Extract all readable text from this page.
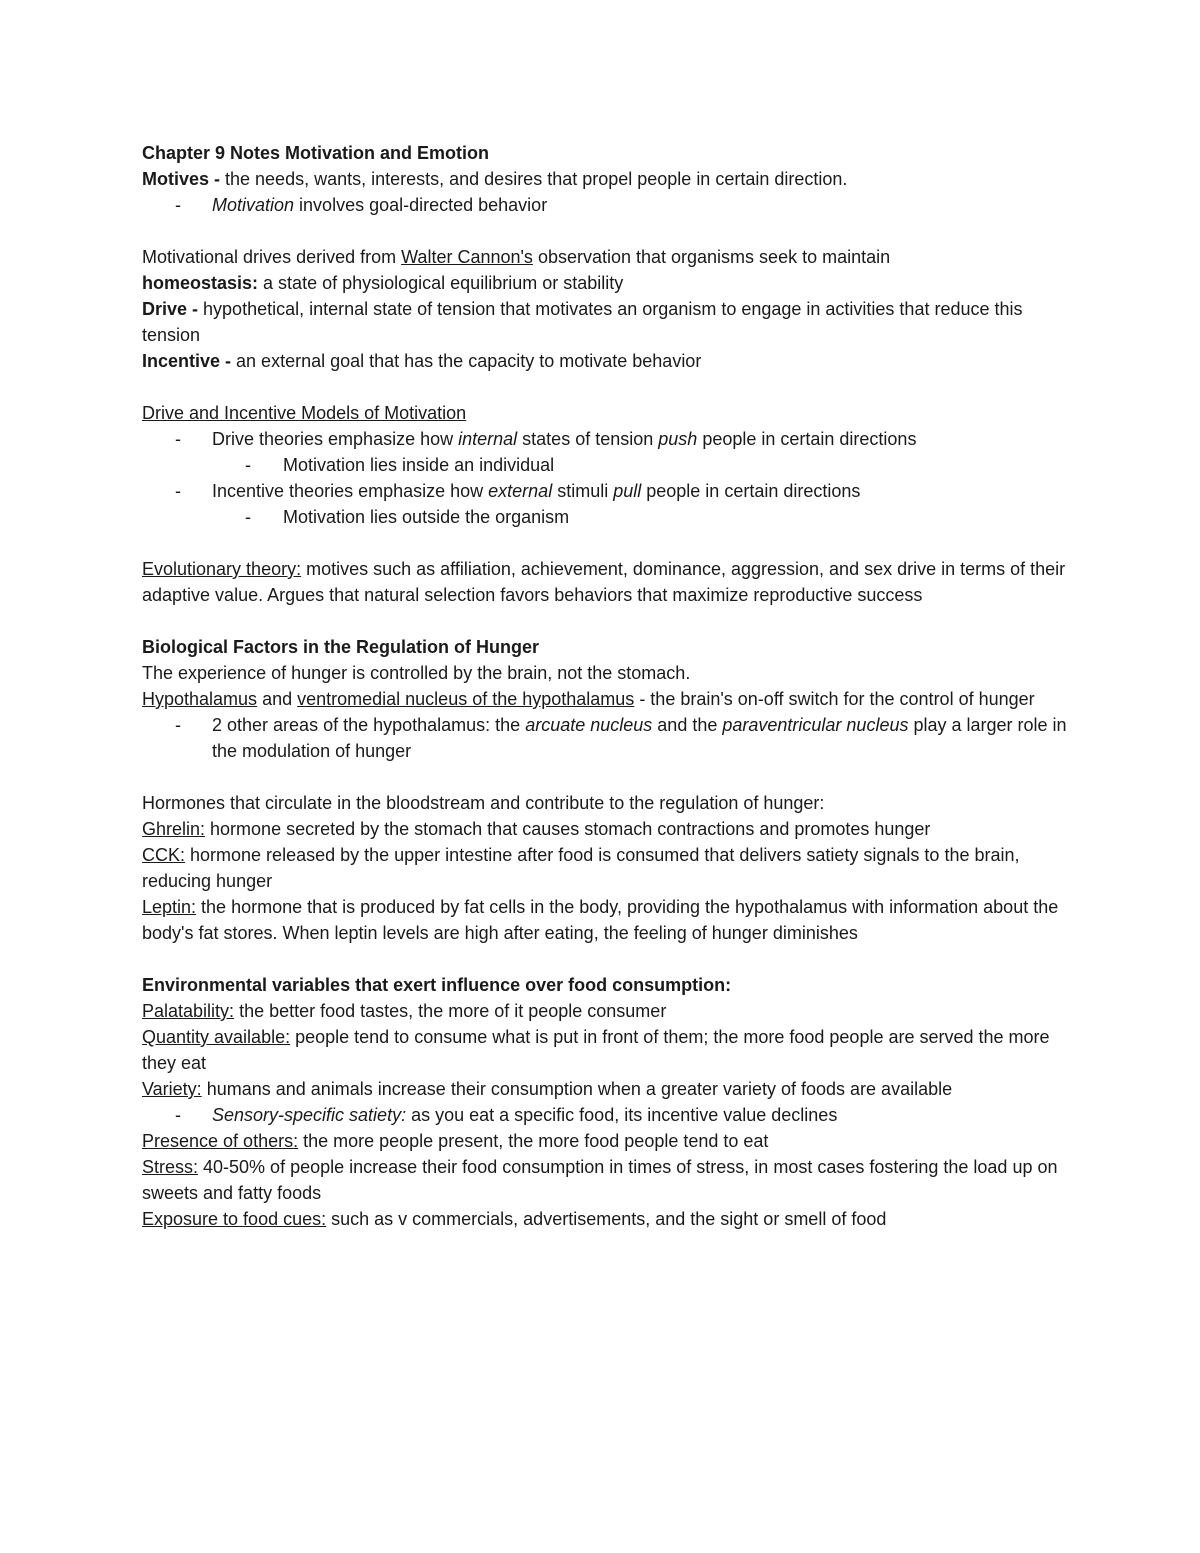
Chapter 9 Notes Motivation and Emotion
Motives - the needs, wants, interests, and desires that propel people in certain direction.
- Motivation involves goal-directed behavior
Motivational drives derived from Walter Cannon's observation that organisms seek to maintain
homeostasis: a state of physiological equilibrium or stability
Drive - hypothetical, internal state of tension that motivates an organism to engage in activities that reduce this tension
Incentive - an external goal that has the capacity to motivate behavior
Drive and Incentive Models of Motivation
- Drive theories emphasize how internal states of tension push people in certain directions
- Motivation lies inside an individual
- Incentive theories emphasize how external stimuli pull people in certain directions
- Motivation lies outside the organism
Evolutionary theory: motives such as affiliation, achievement, dominance, aggression, and sex drive in terms of their adaptive value. Argues that natural selection favors behaviors that maximize reproductive success
Biological Factors in the Regulation of Hunger
The experience of hunger is controlled by the brain, not the stomach.
Hypothalamus and ventromedial nucleus of the hypothalamus - the brain's on-off switch for the control of hunger
- 2 other areas of the hypothalamus: the arcuate nucleus and the paraventricular nucleus play a larger role in the modulation of hunger
Hormones that circulate in the bloodstream and contribute to the regulation of hunger:
Ghrelin: hormone secreted by the stomach that causes stomach contractions and promotes hunger
CCK: hormone released by the upper intestine after food is consumed that delivers satiety signals to the brain, reducing hunger
Leptin: the hormone that is produced by fat cells in the body, providing the hypothalamus with information about the body's fat stores. When leptin levels are high after eating, the feeling of hunger diminishes
Environmental variables that exert influence over food consumption:
Palatability: the better food tastes, the more of it people consumer
Quantity available: people tend to consume what is put in front of them; the more food people are served the more they eat
Variety: humans and animals increase their consumption when a greater variety of foods are available
- Sensory-specific satiety: as you eat a specific food, its incentive value declines
Presence of others: the more people present, the more food people tend to eat
Stress: 40-50% of people increase their food consumption in times of stress, in most cases fostering the load up on sweets and fatty foods
Exposure to food cues: such as v commercials, advertisements, and the sight or smell of food
